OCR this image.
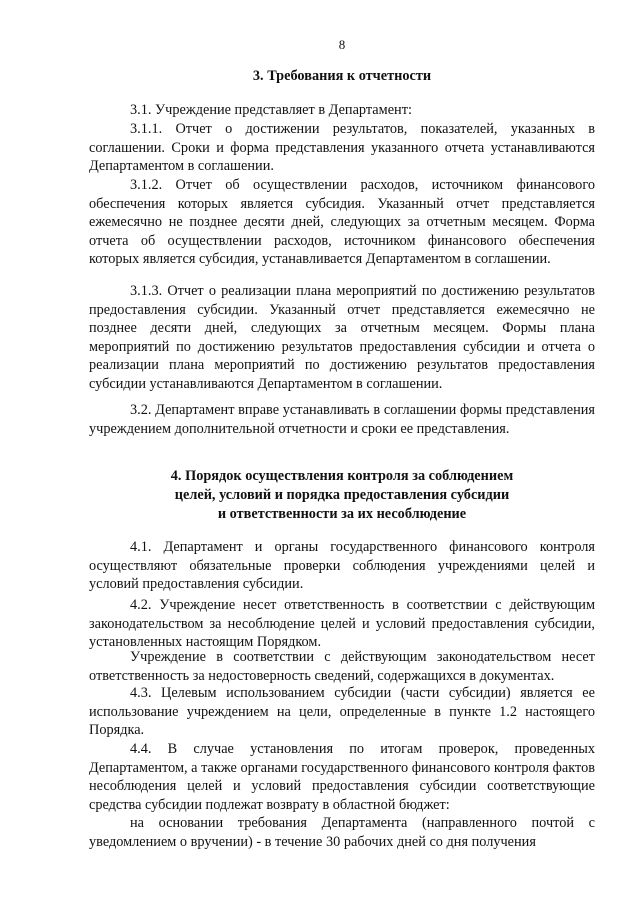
8
3. Требования к отчетности

3.1. Учреждение представляет в Департамент:

3.1.1. Отчет о достижении результатов, показателей, указанных в соглашении. Сроки и форма представления указанного отчета устанавливаются Департаментом в соглашении.

3.1.2. Отчет об осуществлении расходов, источником финансового обеспечения которых является субсидия. Указанный отчет представляется ежемесячно не позднее десяти дней, следующих за отчетным месяцем. Форма отчета об осуществлении расходов, источником финансового обеспечения которых является субсидия, устанавливается Департаментом в соглашении.

3.1.3. Отчет о реализации плана мероприятий по достижению результатов предоставления субсидии. Указанный отчет представляется ежемесячно не позднее десяти дней, следующих за отчетным месяцем. Формы плана мероприятий по достижению результатов предоставления субсидии и отчета о реализации плана мероприятий по достижению результатов предоставления субсидии устанавливаются Департаментом в соглашении.

3.2. Департамент вправе устанавливать в соглашении формы представления учреждением дополнительной отчетности и сроки ее представления.

4. Порядок осуществления контроля за соблюдением
целей, условий и порядка предоставления субсидии
и ответственности за их несоблюдение

4.1. Департамент и органы государственного финансового контроля осуществляют обязательные проверки соблюдения учреждениями целей и условий предоставления субсидии.

4.2. Учреждение несет ответственность в соответствии с действующим законодательством за несоблюдение целей и условий предоставления субсидии, установленных настоящим Порядком.

Учреждение в соответствии с действующим законодательством несет ответственность за недостоверность сведений, содержащихся в документах.

4.3. Целевым использованием субсидии (части субсидии) является ее использование учреждением на цели, определенные в пункте 1.2 настоящего Порядка.

4.4. В случае установления по итогам проверок, проведенных Департаментом, а также органами государственного финансового контроля фактов несоблюдения целей и условий предоставления субсидии соответствующие средства субсидии подлежат возврату в областной бюджет:

на основании требования Департамента (направленного почтой с уведомлением о вручении) - в течение 30 рабочих дней со дня получения
